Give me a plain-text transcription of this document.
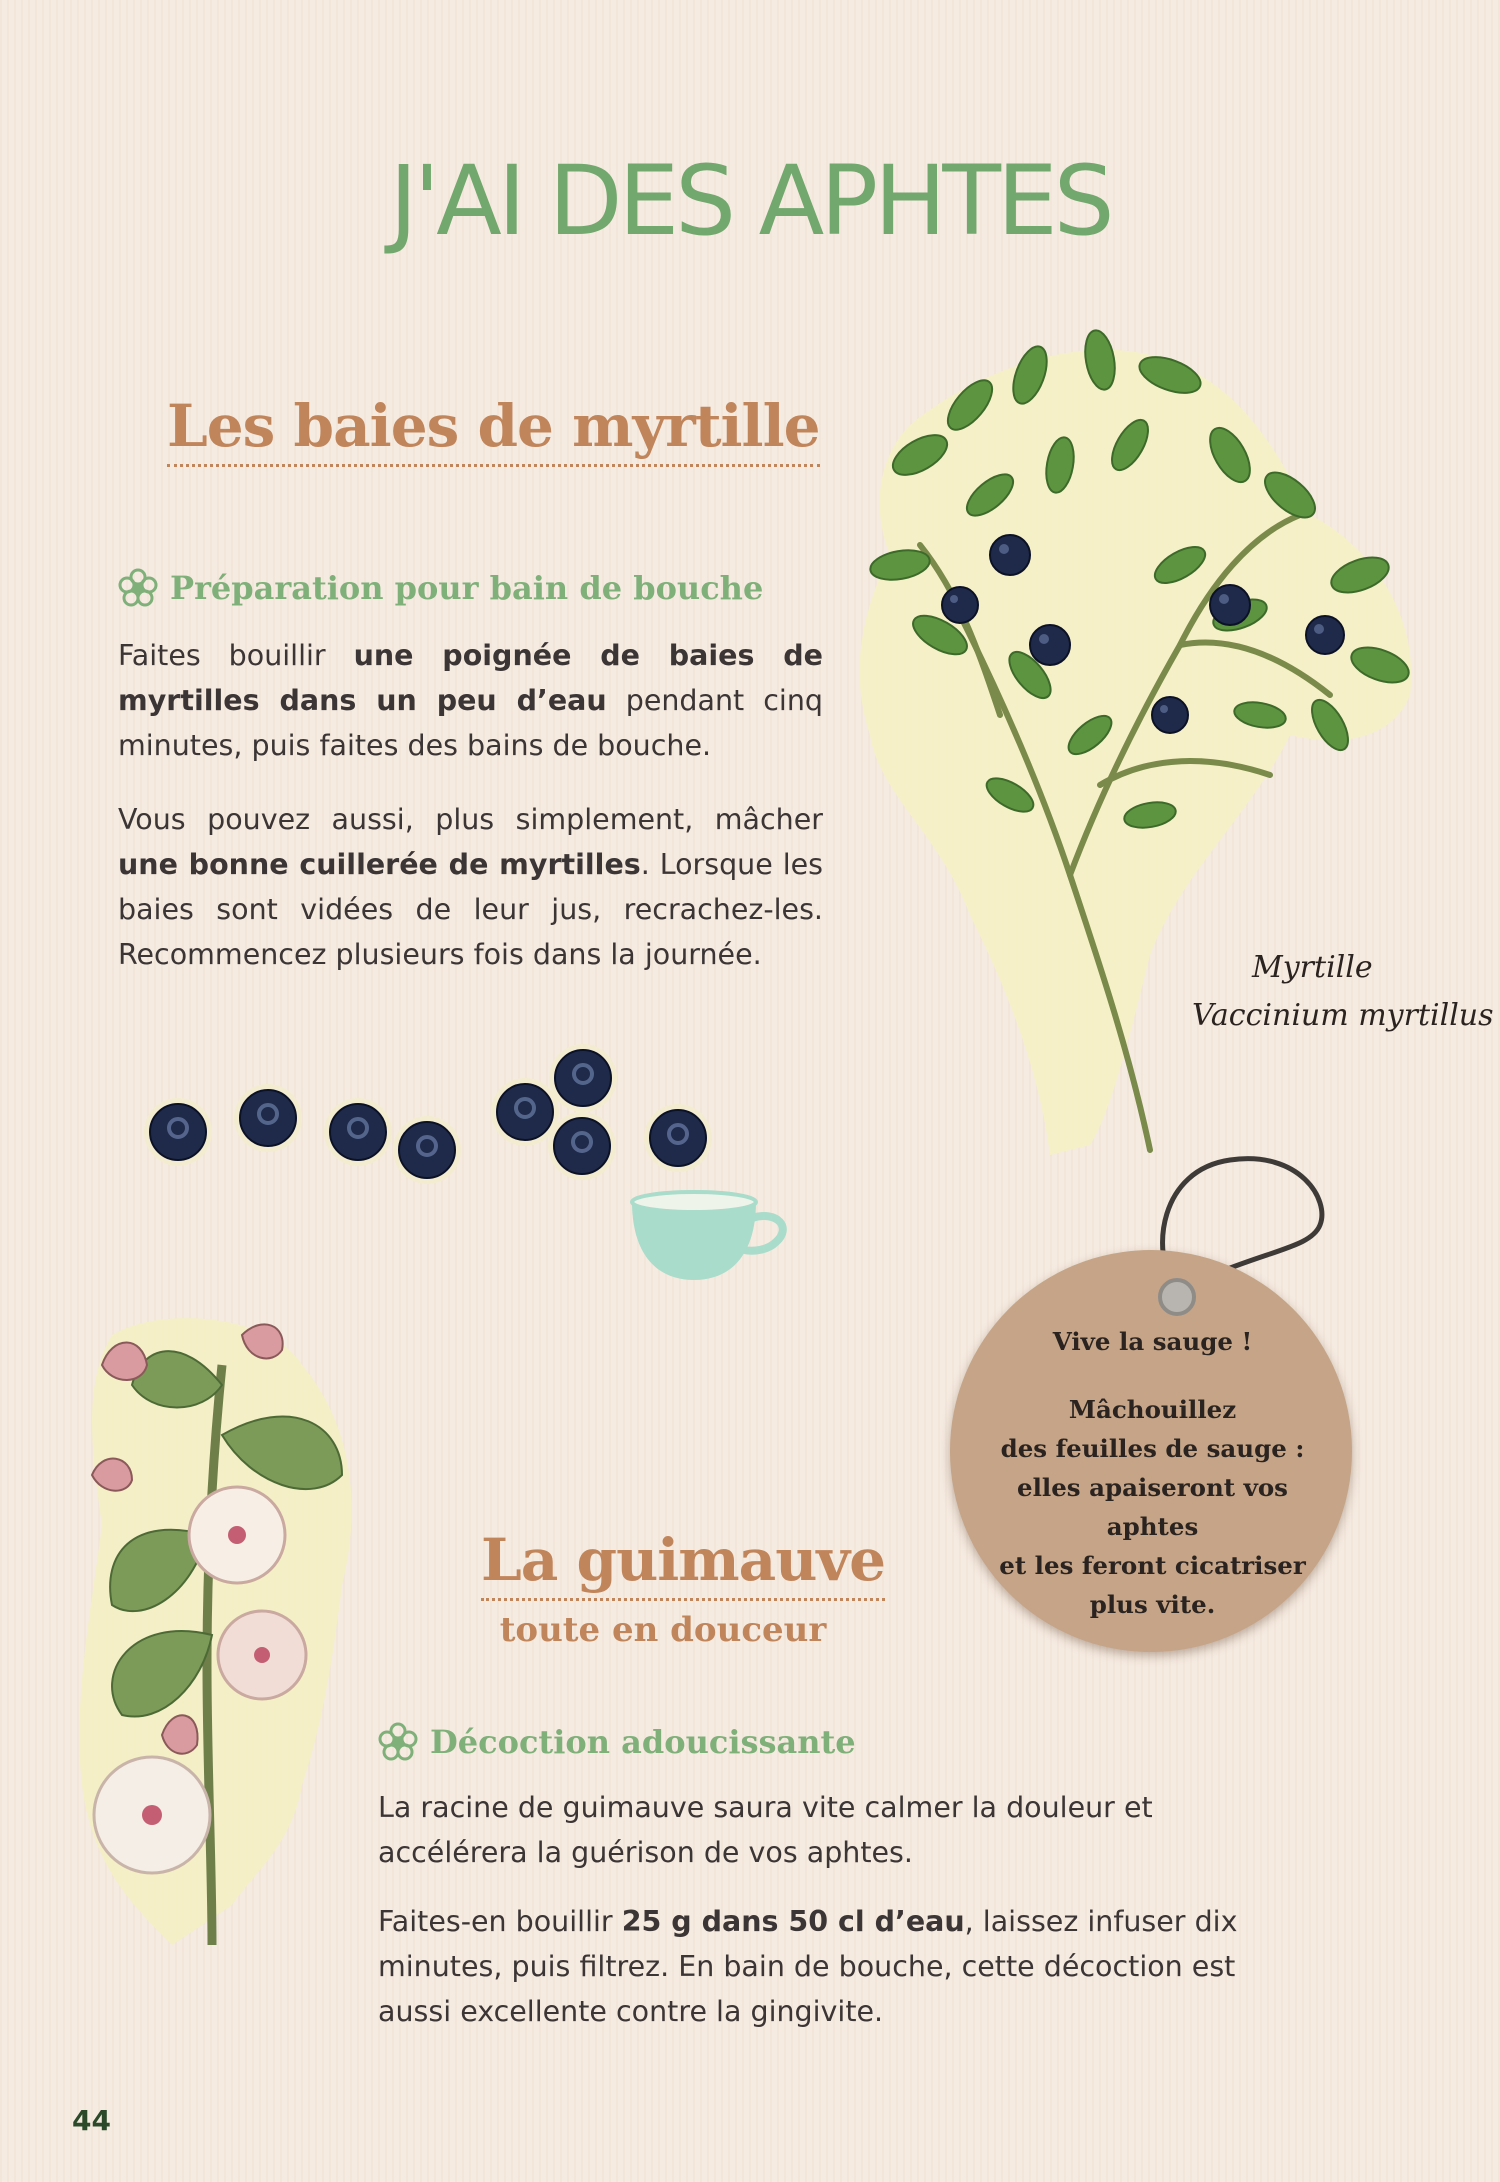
J'AI DES APHTES
Les baies de myrtille
Préparation pour bain de bouche

Faites bouillir une poignée de baies de myrtilles dans un peu d’eau pendant cinq minutes, puis faites des bains de bouche.

Vous pouvez aussi, plus simplement, mâcher une bonne cuillerée de myrtilles. Lorsque les baies sont vidées de leur jus, recrachez-les. Recommencez plusieurs fois dans la journée.	Myrtille
Vaccinium myrtillus
Vive la sauge !
Mâchouillez
des feuilles de sauge :
elles apaiseront vos aphtes
et les feront cicatriser
plus vite.
La guimauve
toute en douceur
Décoction adoucissante

La racine de guimauve saura vite calmer la douleur et accélérera la guérison de vos aphtes.

Faites-en bouillir 25 g dans 50 cl d’eau, laissez infuser dix minutes, puis filtrez. En bain de bouche, cette décoction est aussi excellente contre la gingivite.

44
